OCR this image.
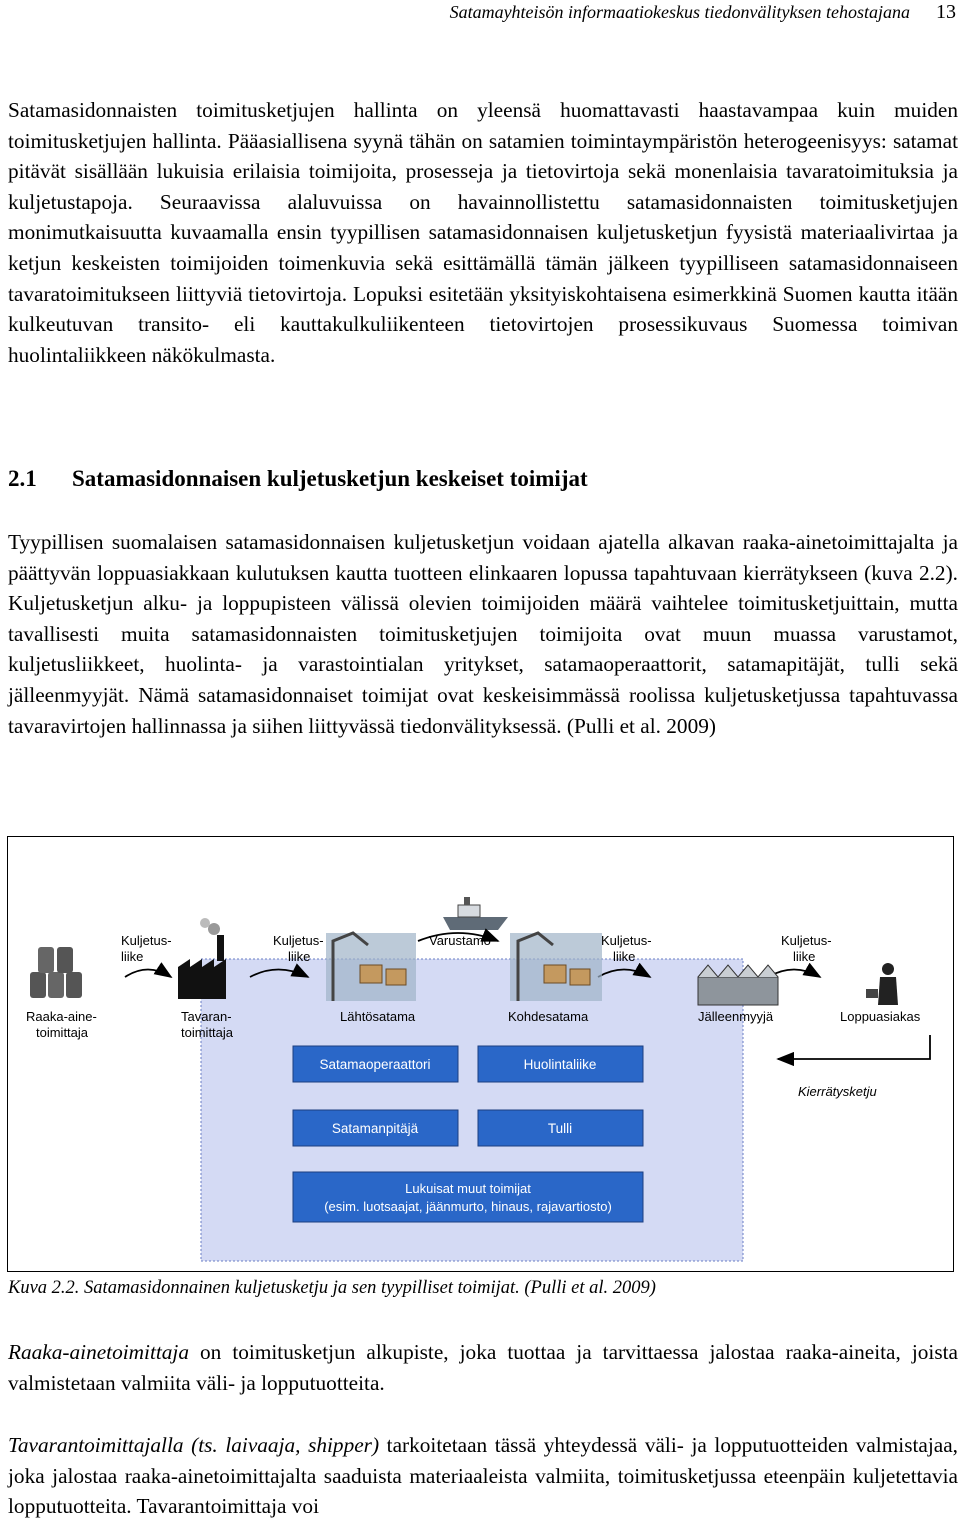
Satamayhteisön informaatiokeskus tiedonvälityksen tehostajana 13
Satamasidonnaisten toimitusketjujen hallinta on yleensä huomattavasti haastavampaa kuin muiden toimitusketjujen hallinta. Pääasiallisena syynä tähän on satamien toimintaympäristön heterogeenisyys: satamat pitävät sisällään lukuisia erilaisia toimijoita, prosesseja ja tietovirtoja sekä monenlaisia tavaratoimituksia ja kuljetustapoja. Seuraavissa alaluvuissa on havainnollistettu satamasidonnaisten toimitusketjujen monimutkaisuutta kuvaamalla ensin tyypillisen satamasidonnaisen kuljetusketjun fyysistä materiaalivirtaa ja ketjun keskeisten toimijoiden toimenkuvia sekä esittämällä tämän jälkeen tyypilliseen satamasidonnaiseen tavaratoimitukseen liittyviä tietovirtoja. Lopuksi esitetään yksityiskohtaisena esimerkkinä Suomen kautta itään kulkeutuvan transito- eli kauttakulkuliikenteen tietovirtojen prosessikuvaus Suomessa toimivan huolintaliikkeen näkökulmasta.
2.1 Satamasidonnaisen kuljetusketjun keskeiset toimijat
Tyypillisen suomalaisen satamasidonnaisen kuljetusketjun voidaan ajatella alkavan raaka-ainetoimittajalta ja päättyvän loppuasiakkaan kulutuksen kautta tuotteen elinkaaren lopussa tapahtuvaan kierrätykseen (kuva 2.2). Kuljetusketjun alku- ja loppupisteen välissä olevien toimijoiden määrä vaihtelee toimitusketjuittain, mutta tavallisesti muita satamasidonnaisten toimitusketjujen toimijoita ovat muun muassa varustamot, kuljetusliikkeet, huolinta- ja varastointialan yritykset, satamaoperaattorit, satamapitäjät, tulli sekä jälleenmyyjät. Nämä satamasidonnaiset toimijat ovat keskeisimmässä roolissa kuljetusketjussa tapahtuvassa tavaravirtojen hallinnassa ja siihen liittyvässä tiedonvälityksessä. (Pulli et al. 2009)
Kuljetus-
liike
Kuljetus-
liike
Varustamo	Kuljetus-
liike
Kuljetus-
liike
Raaka-aine-
toimittaja
Tavaran-
toimittaja
Lähtösatama	Kohdesatama	Jälleenmyyjä	Loppuasiakas
Kierrätysketju
Satamaoperaattori	Huolintaliike
Satamanpitäjä	Tulli
Lukuisat muut toimijat
(esim. luotsaajat, jäänmurto, hinaus, rajavartiosto)
Kuva 2.2. Satamasidonnainen kuljetusketju ja sen tyypilliset toimijat. (Pulli et al. 2009)
Raaka-ainetoimittaja on toimitusketjun alkupiste, joka tuottaa ja tarvittaessa jalostaa raaka-aineita, joista valmistetaan valmiita väli- ja lopputuotteita.
Tavarantoimittajalla (ts. laivaaja, shipper) tarkoitetaan tässä yhteydessä väli- ja lopputuotteiden valmistajaa, joka jalostaa raaka-ainetoimittajalta saaduista materiaaleista valmiita, toimitusketjussa eteenpäin kuljetettavia lopputuotteita. Tavarantoimittaja voi
